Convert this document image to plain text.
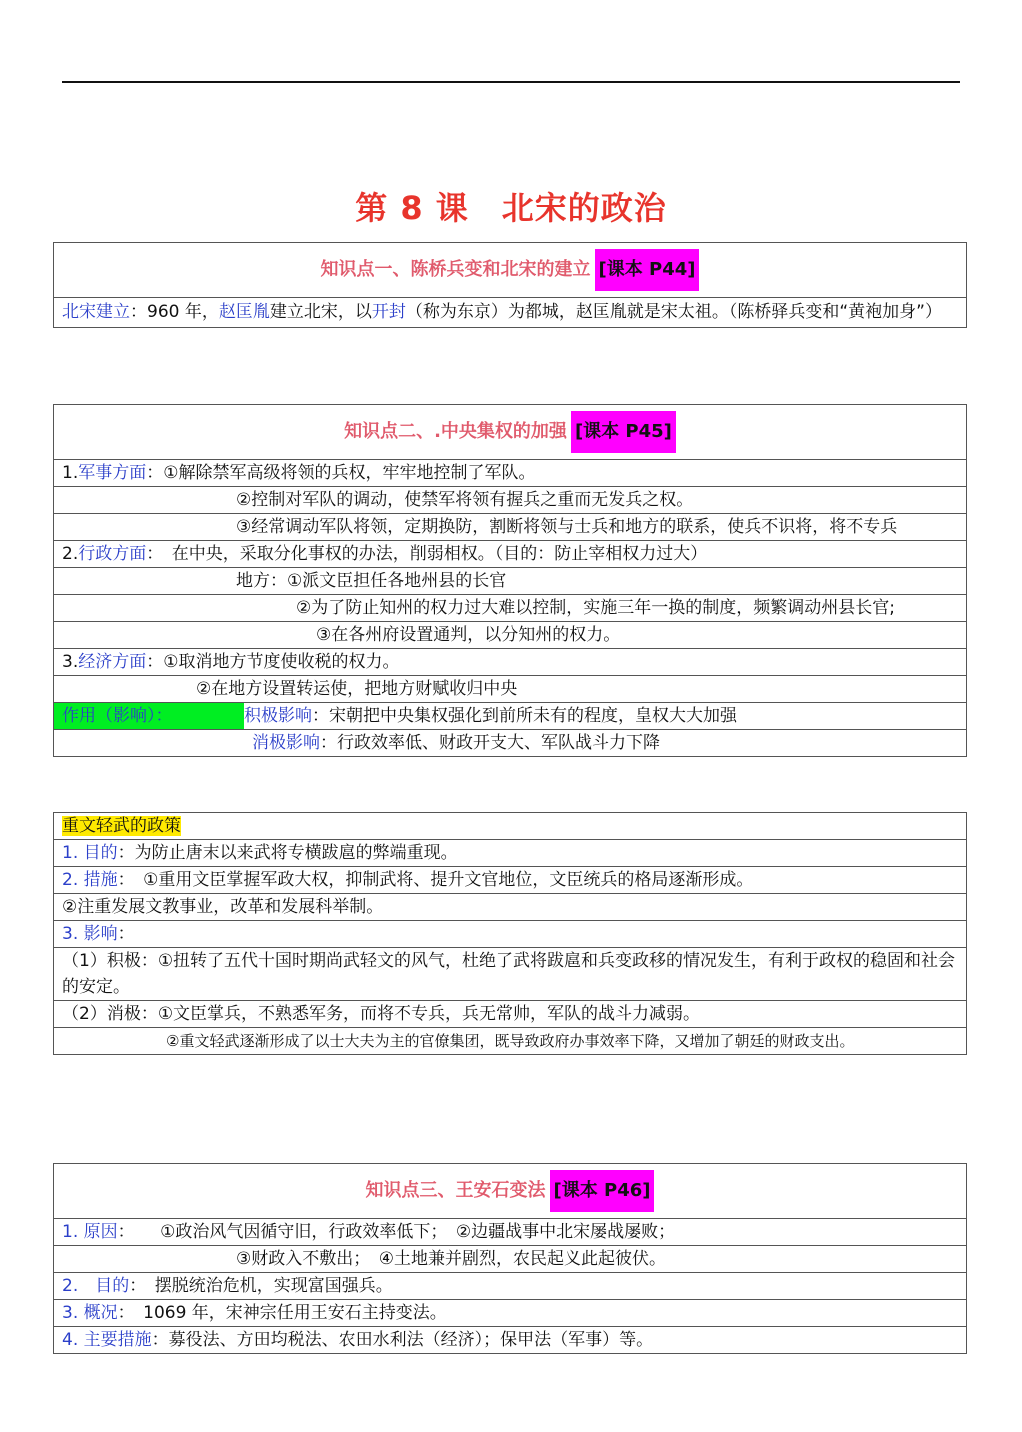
第 8 课　北宋的政治
知识点一、陈桥兵变和北宋的建立 [课本 P44]
北宋建立：960 年，赵匡胤建立北宋，以开封（称为东京）为都城，赵匡胤就是宋太祖。（陈桥驿兵变和“黄袍加身”）
知识点二、.中央集权的加强 [课本 P45]
1.军事方面：①解除禁军高级将领的兵权，牢牢地控制了军队。
②控制对军队的调动，使禁军将领有握兵之重而无发兵之权。
③经常调动军队将领，定期换防，割断将领与士兵和地方的联系，使兵不识将，将不专兵
2.行政方面：　在中央，采取分化事权的办法，削弱相权。（目的：防止宰相权力过大）
地方：①派文臣担任各地州县的长官
②为了防止知州的权力过大难以控制，实施三年一换的制度，频繁调动州县长官;
③在各州府设置通判，以分知州的权力。
3.经济方面：①取消地方节度使收税的权力。
②在地方设置转运使，把地方财赋收归中央
作用（影响）：	积极影响：宋朝把中央集权强化到前所未有的程度，皇权大大加强
消极影响：行政效率低、财政开支大、军队战斗力下降
重文轻武的政策
1. 目的：为防止唐末以来武将专横跋扈的弊端重现。
2. 措施：　①重用文臣掌握军政大权，抑制武将、提升文官地位，文臣统兵的格局逐渐形成。
②注重发展文教事业，改革和发展科举制。
3. 影响：
（1）积极：①扭转了五代十国时期尚武轻文的风气，杜绝了武将跋扈和兵变政移的情况发生，有利于政权的稳固和社会的安定。
（2）消极：①文臣掌兵，不熟悉军务，而将不专兵，兵无常帅，军队的战斗力减弱。
②重文轻武逐渐形成了以士大夫为主的官僚集团，既导致政府办事效率下降，又增加了朝廷的财政支出。
知识点三、王安石变法 [课本 P46]
1. 原因：　　①政治风气因循守旧，行政效率低下；　②边疆战事中北宋屡战屡败；
③财政入不敷出；　④土地兼并剧烈，农民起义此起彼伏。
2.　目的：　摆脱统治危机，实现富国强兵。
3. 概况：　1069 年，宋神宗任用王安石主持变法。
4. 主要措施：募役法、方田均税法、农田水利法（经济）；保甲法（军事）等。
